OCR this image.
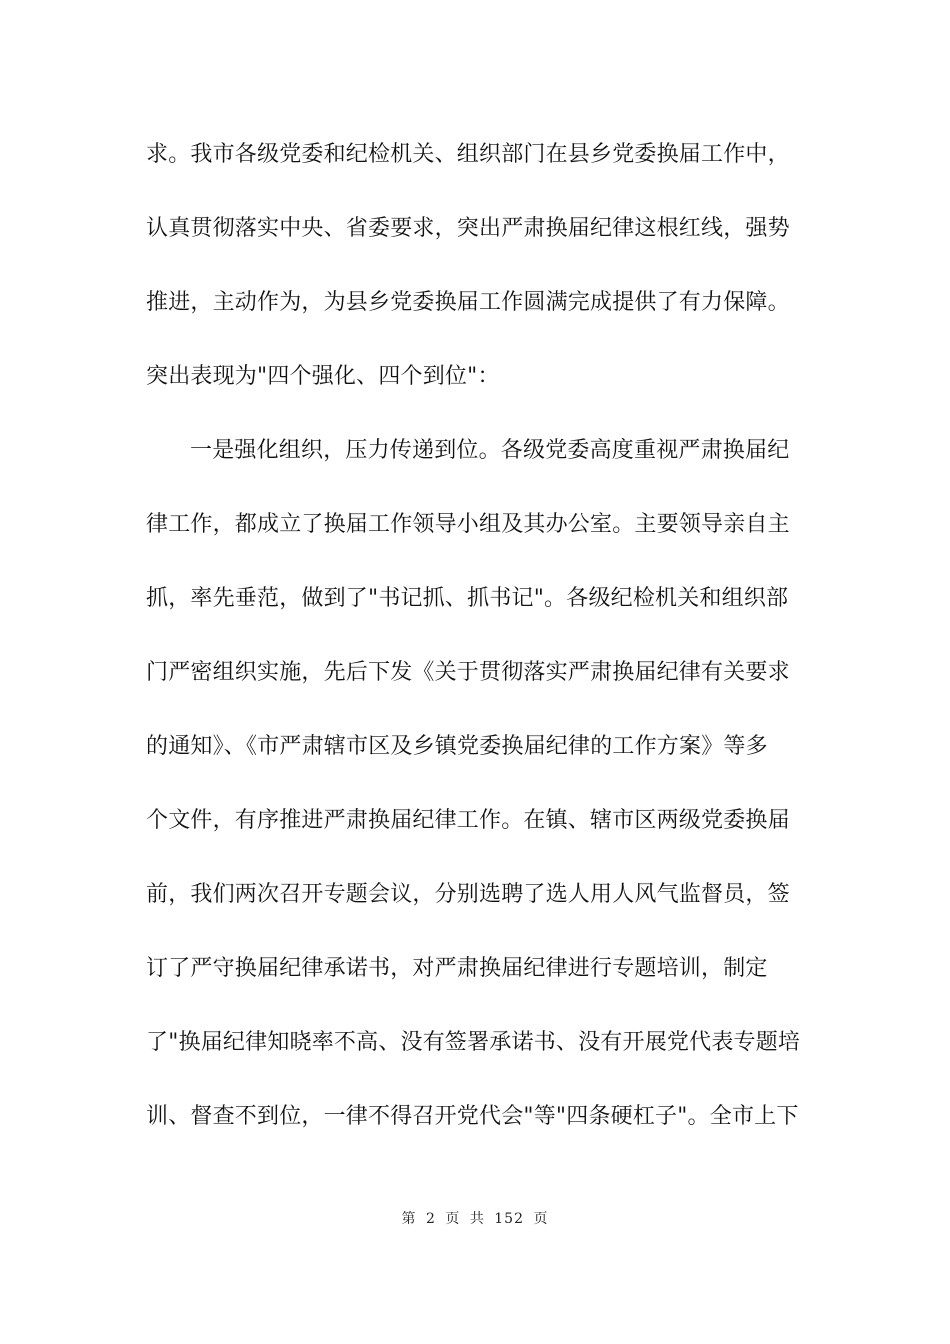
求。我市各级党委和纪检机关、组织部门在县乡党委换届工作中，
认真贯彻落实中央、省委要求，突出严肃换届纪律这根红线，强势
推进，主动作为，为县乡党委换届工作圆满完成提供了有力保障。
突出表现为"四个强化、四个到位"：
一是强化组织，压力传递到位。各级党委高度重视严肃换届纪
律工作，都成立了换届工作领导小组及其办公室。主要领导亲自主
抓，率先垂范，做到了"书记抓、抓书记"。各级纪检机关和组织部
门严密组织实施，先后下发《关于贯彻落实严肃换届纪律有关要求
的通知》、《市严肃辖市区及乡镇党委换届纪律的工作方案》等多
个文件，有序推进严肃换届纪律工作。在镇、辖市区两级党委换届
前，我们两次召开专题会议，分别选聘了选人用人风气监督员，签
订了严守换届纪律承诺书，对严肃换届纪律进行专题培训，制定
了"换届纪律知晓率不高、没有签署承诺书、没有开展党代表专题培
训、督查不到位，一律不得召开党代会"等"四条硬杠子"。全市上下
第 2 页 共 152 页
